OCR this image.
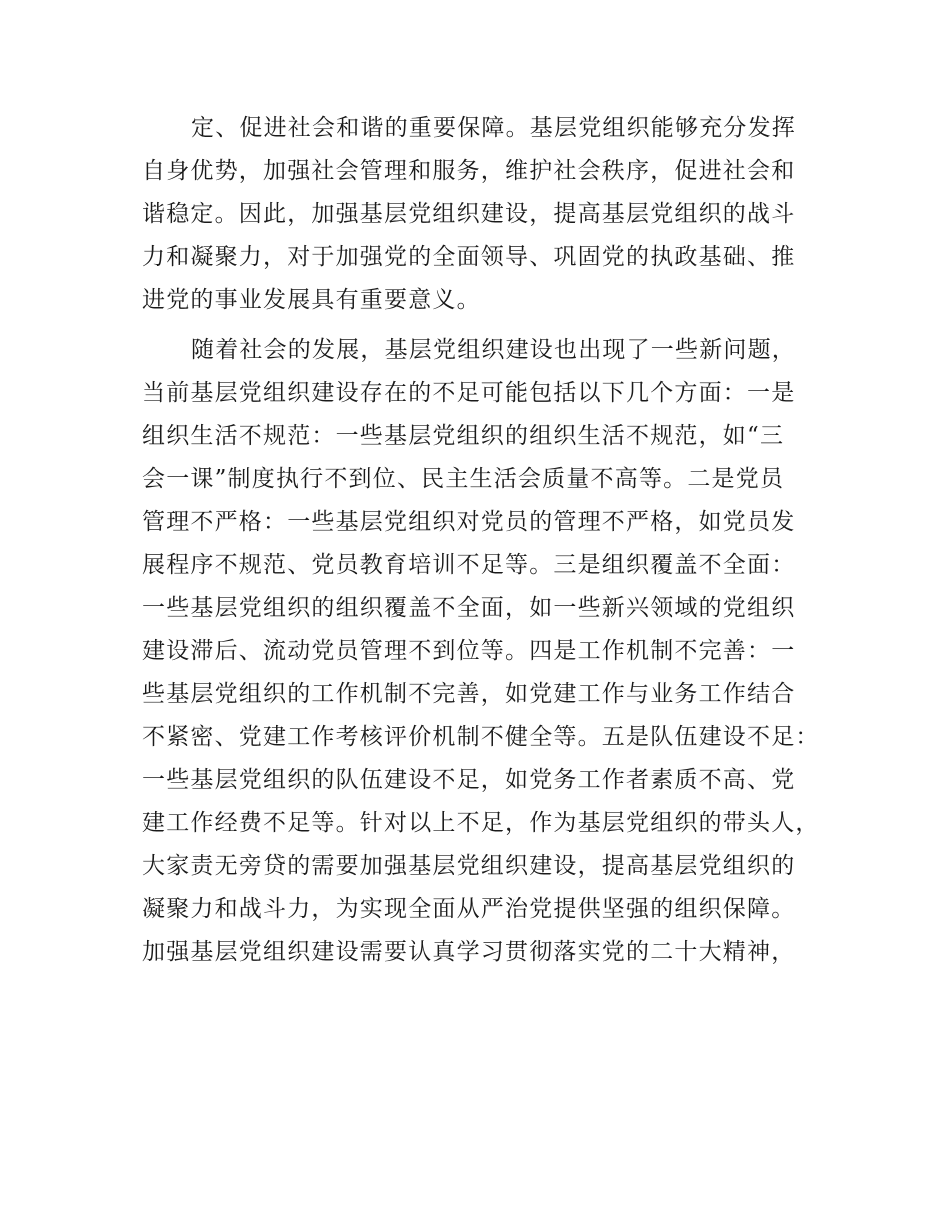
定、促进社会和谐的重要保障。基层党组织能够充分发挥
自身优势，加强社会管理和服务，维护社会秩序，促进社会和
谐稳定。因此，加强基层党组织建设，提高基层党组织的战斗
力和凝聚力，对于加强党的全面领导、巩固党的执政基础、推
进党的事业发展具有重要意义。
随着社会的发展，基层党组织建设也出现了一些新问题，
当前基层党组织建设存在的不足可能包括以下几个方面：一是
组织生活不规范：一些基层党组织的组织生活不规范，如“三
会一课”制度执行不到位、民主生活会质量不高等。二是党员
管理不严格：一些基层党组织对党员的管理不严格，如党员发
展程序不规范、党员教育培训不足等。三是组织覆盖不全面：
一些基层党组织的组织覆盖不全面，如一些新兴领域的党组织
建设滞后、流动党员管理不到位等。四是工作机制不完善：一
些基层党组织的工作机制不完善，如党建工作与业务工作结合
不紧密、党建工作考核评价机制不健全等。五是队伍建设不足：
一些基层党组织的队伍建设不足，如党务工作者素质不高、党
建工作经费不足等。针对以上不足，作为基层党组织的带头人，
大家责无旁贷的需要加强基层党组织建设，提高基层党组织的
凝聚力和战斗力，为实现全面从严治党提供坚强的组织保障。
加强基层党组织建设需要认真学习贯彻落实党的二十大精神，
